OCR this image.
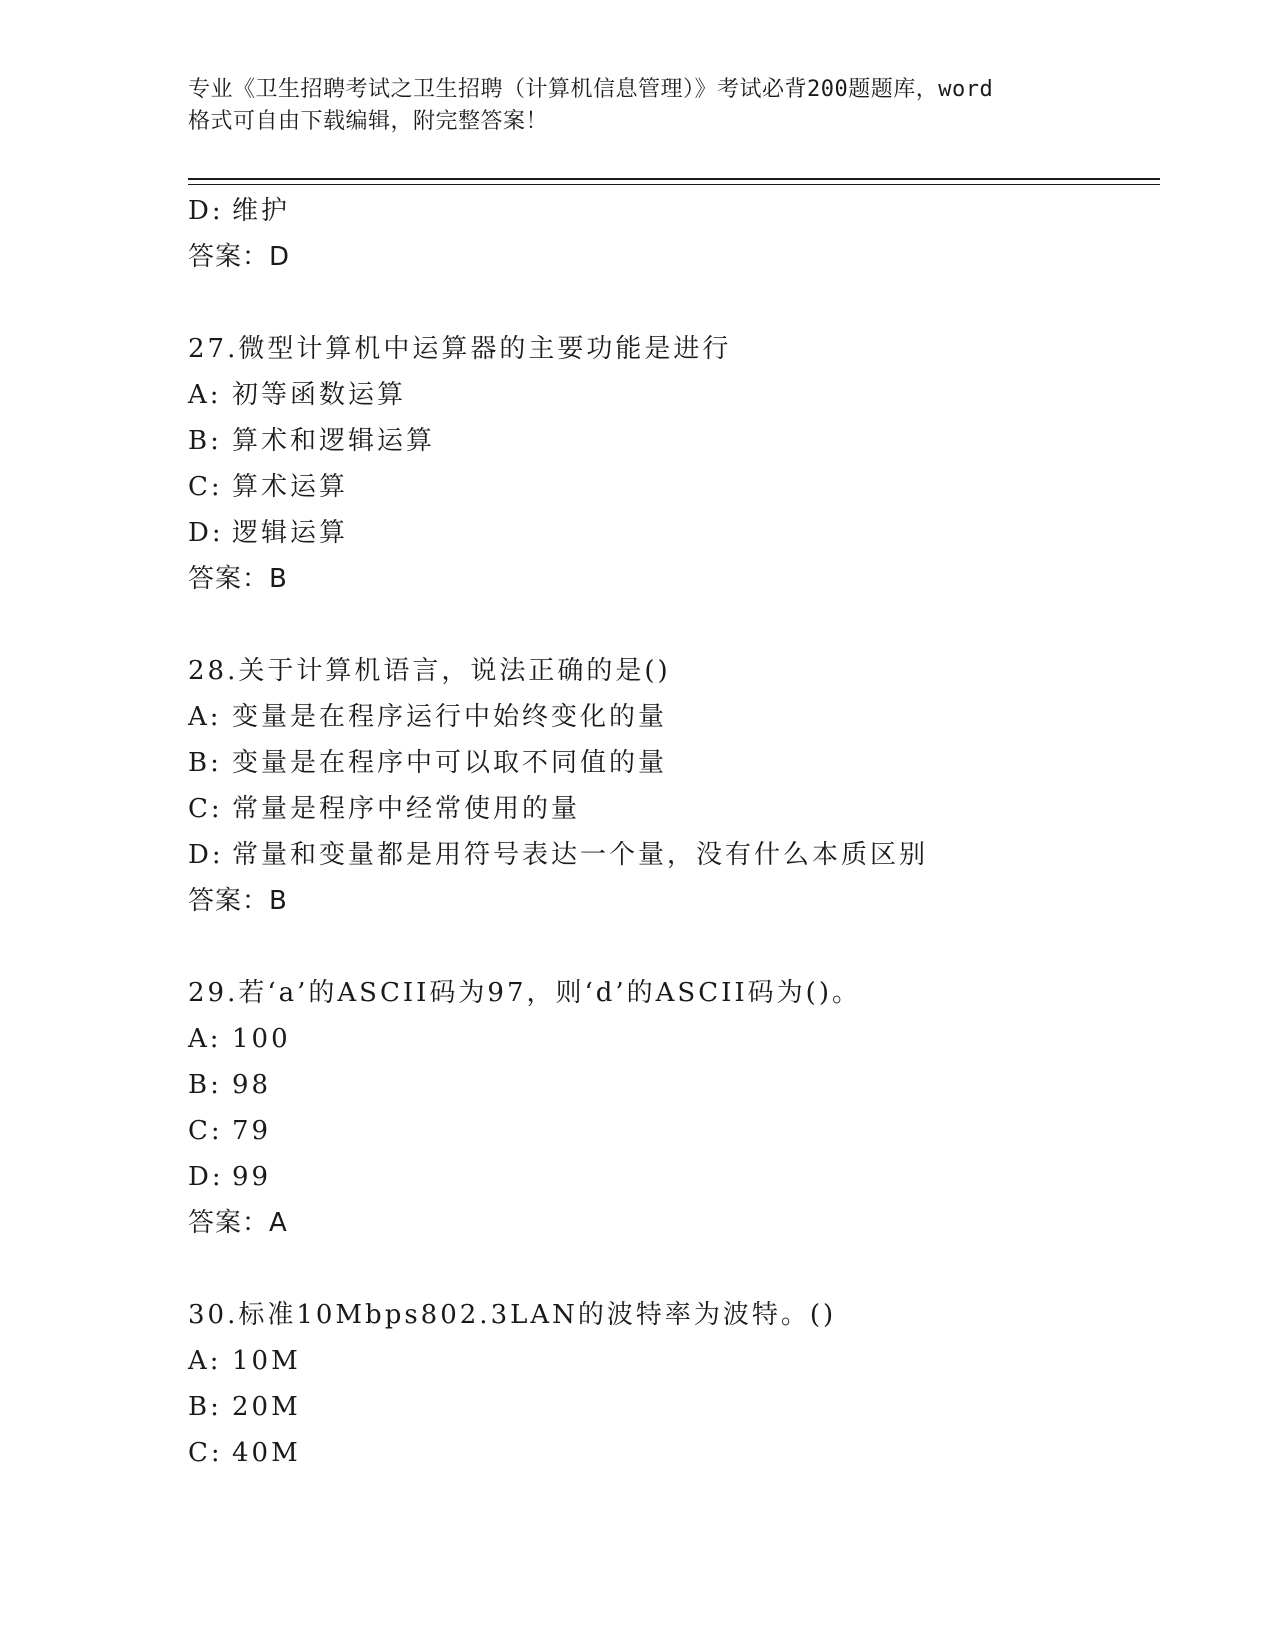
专业《卫生招聘考试之卫生招聘（计算机信息管理）》考试必背200题题库，word
格式可自由下载编辑，附完整答案！
D: 维护
答案：D
27.微型计算机中运算器的主要功能是进行
A: 初等函数运算
B: 算术和逻辑运算
C: 算术运算
D: 逻辑运算
答案：B
28.关于计算机语言，说法正确的是()
A: 变量是在程序运行中始终变化的量
B: 变量是在程序中可以取不同值的量
C: 常量是程序中经常使用的量
D: 常量和变量都是用符号表达一个量，没有什么本质区别
答案：B
29.若‘a’的ASCII码为97，则‘d’的ASCII码为()。
A: 100
B: 98
C: 79
D: 99
答案：A
30.标准10Mbps802.3LAN的波特率为波特。()
A: 10M
B: 20M
C: 40M
